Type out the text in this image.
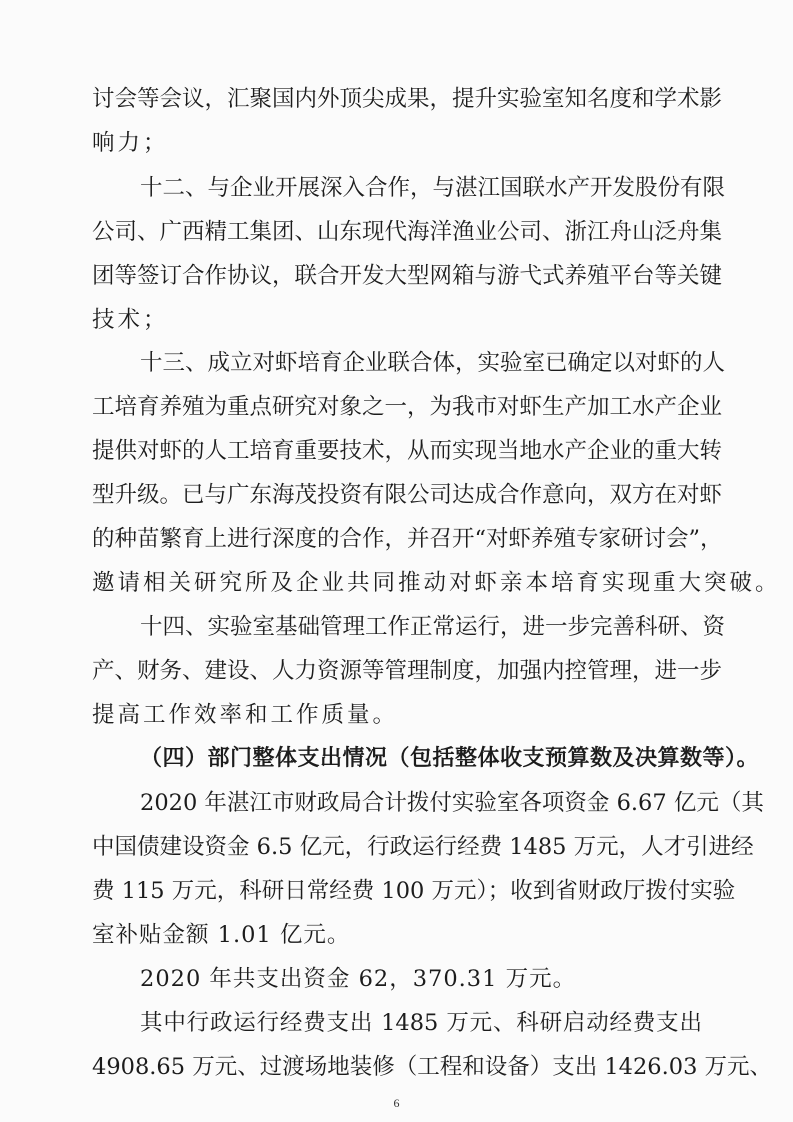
讨会等会议，汇聚国内外顶尖成果，提升实验室知名度和学术影
响力；
十二、与企业开展深入合作，与湛江国联水产开发股份有限
公司、广西精工集团、山东现代海洋渔业公司、浙江舟山泛舟集
团等签订合作协议，联合开发大型网箱与游弋式养殖平台等关键
技术；
十三、成立对虾培育企业联合体，实验室已确定以对虾的人
工培育养殖为重点研究对象之一，为我市对虾生产加工水产企业
提供对虾的人工培育重要技术，从而实现当地水产企业的重大转
型升级。已与广东海茂投资有限公司达成合作意向，双方在对虾
的种苗繁育上进行深度的合作，并召开“对虾养殖专家研讨会”，
邀请相关研究所及企业共同推动对虾亲本培育实现重大突破。
十四、实验室基础管理工作正常运行，进一步完善科研、资
产、财务、建设、人力资源等管理制度，加强内控管理，进一步
提高工作效率和工作质量。
（四）部门整体支出情况（包括整体收支预算数及决算数等）。
2020 年湛江市财政局合计拨付实验室各项资金 6.67 亿元（其
中国债建设资金 6.5 亿元，行政运行经费 1485 万元，人才引进经
费 115 万元，科研日常经费 100 万元）；收到省财政厅拨付实验
室补贴金额 1.01 亿元。
2020 年共支出资金 62，370.31 万元。
其中行政运行经费支出 1485 万元、科研启动经费支出
4908.65 万元、过渡场地装修（工程和设备）支出 1426.03 万元、
6
